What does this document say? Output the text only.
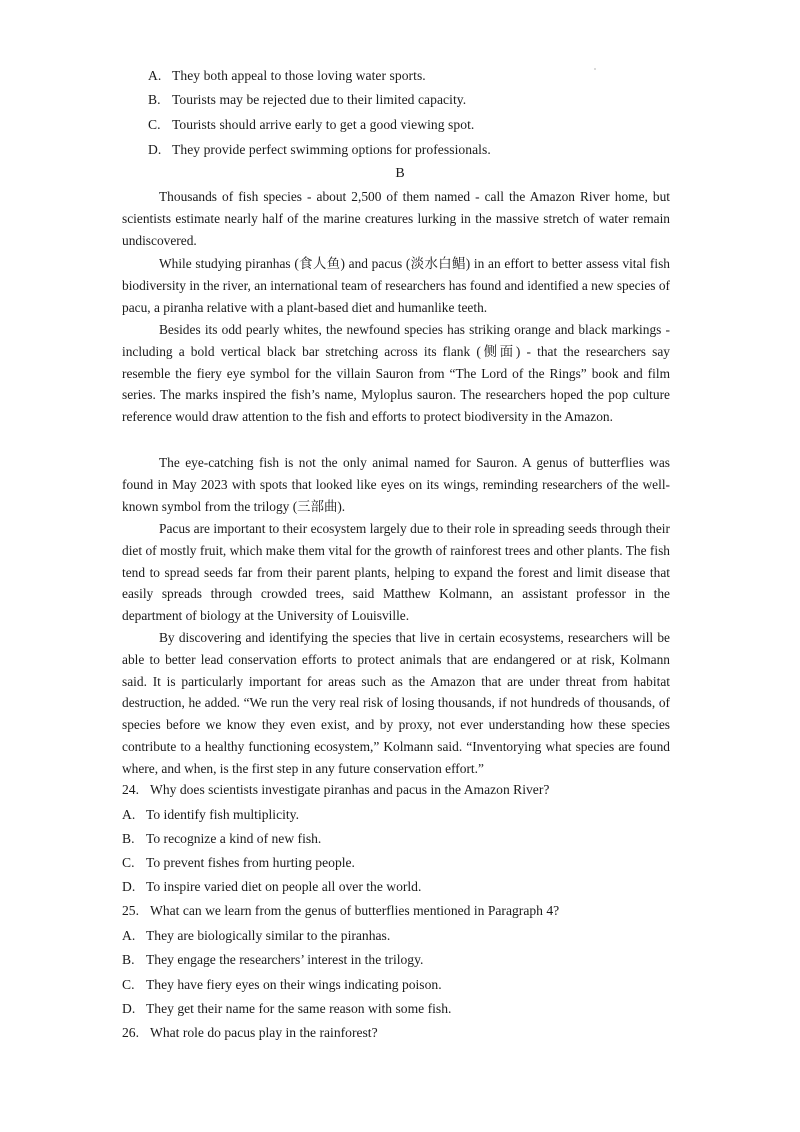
A. They both appeal to those loving water sports.
B. Tourists may be rejected due to their limited capacity.
C. Tourists should arrive early to get a good viewing spot.
D. They provide perfect swimming options for professionals.
B
Thousands of fish species - about 2,500 of them named - call the Amazon River home, but scientists estimate nearly half of the marine creatures lurking in the massive stretch of water remain undiscovered.
While studying piranhas (食人鱼) and pacus (淡水白鲳) in an effort to better assess vital fish biodiversity in the river, an international team of researchers has found and identified a new species of pacu, a piranha relative with a plant-based diet and humanlike teeth.
Besides its odd pearly whites, the newfound species has striking orange and black markings - including a bold vertical black bar stretching across its flank (侧面) - that the researchers say resemble the fiery eye symbol for the villain Sauron from “The Lord of the Rings” book and film series. The marks inspired the fish’s name, Myloplus sauron. The researchers hoped the pop culture reference would draw attention to the fish and efforts to protect biodiversity in the Amazon.
The eye-catching fish is not the only animal named for Sauron. A genus of butterflies was found in May 2023 with spots that looked like eyes on its wings, reminding researchers of the well-known symbol from the trilogy (三部曲).
Pacus are important to their ecosystem largely due to their role in spreading seeds through their diet of mostly fruit, which make them vital for the growth of rainforest trees and other plants. The fish tend to spread seeds far from their parent plants, helping to expand the forest and limit disease that easily spreads through crowded trees, said Matthew Kolmann, an assistant professor in the department of biology at the University of Louisville.
By discovering and identifying the species that live in certain ecosystems, researchers will be able to better lead conservation efforts to protect animals that are endangered or at risk, Kolmann said. It is particularly important for areas such as the Amazon that are under threat from habitat destruction, he added. “We run the very real risk of losing thousands, if not hundreds of thousands, of species before we know they even exist, and by proxy, not ever understanding how these species contribute to a healthy functioning ecosystem,” Kolmann said. “Inventorying what species are found where, and when, is the first step in any future conservation effort.”
24. Why does scientists investigate piranhas and pacus in the Amazon River?
A. To identify fish multiplicity.
B. To recognize a kind of new fish.
C. To prevent fishes from hurting people.
D. To inspire varied diet on people all over the world.
25. What can we learn from the genus of butterflies mentioned in Paragraph 4?
A. They are biologically similar to the piranhas.
B. They engage the researchers’ interest in the trilogy.
C. They have fiery eyes on their wings indicating poison.
D. They get their name for the same reason with some fish.
26. What role do pacus play in the rainforest?
